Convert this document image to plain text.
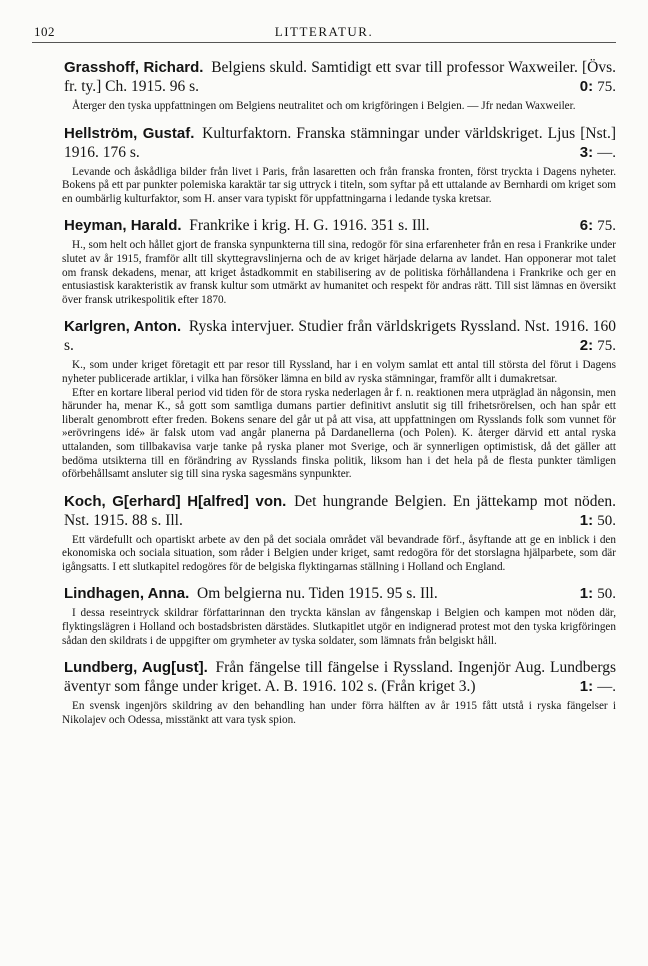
102	LITTERATUR.

Grasshoff, Richard.  Belgiens skuld. Samtidigt ett svar till professor Waxweiler. [Övs. fr. ty.] Ch. 1915. 96 s.	0: 75.

Återger den tyska uppfattningen om Belgiens neutralitet och om krigföringen i Belgien. — Jfr nedan Waxweiler.

Hellström, Gustaf.  Kulturfaktorn. Franska stämningar under världskriget. Ljus [Nst.] 1916. 176 s.	3: —.

Levande och åskådliga bilder från livet i Paris, från lasaretten och från franska fronten, först tryckta i Dagens nyheter. Bokens på ett par punkter polemiska karaktär tar sig uttryck i titeln, som syftar på ett uttalande av Bernhardi om kriget som en oumbärlig kulturfaktor, som H. anser vara typiskt för uppfattningarna i ledande tyska kretsar.

Heyman, Harald.  Frankrike i krig. H. G. 1916. 351 s. Ill.	6: 75.

H., som helt och hållet gjort de franska synpunkterna till sina, redogör för sina erfarenheter från en resa i Frankrike under slutet av år 1915, framför allt till skyttegravslinjerna och de av kriget härjade delarna av landet. Han opponerar mot talet om fransk dekadens, menar, att kriget åstadkommit en stabilisering av de politiska förhållandena i Frankrike och ger en entusiastisk karakteristik av fransk kultur som utmärkt av humanitet och respekt för andras rätt. Till sist lämnas en översikt över fransk utrikespolitik efter 1870.

Karlgren, Anton.  Ryska intervjuer. Studier från världskrigets Ryssland. Nst. 1916. 160 s.	2: 75.

K., som under kriget företagit ett par resor till Ryssland, har i en volym samlat ett antal till största del förut i Dagens nyheter publicerade artiklar, i vilka han försöker lämna en bild av ryska stämningar, framför allt i dumakretsar.

Efter en kortare liberal period vid tiden för de stora ryska nederlagen år f. n. reaktionen mera utpräglad än någonsin, men härunder ha, menar K., så gott som samtliga dumans partier definitivt anslutit sig till frihetsrörelsen, och han spår ett liberalt genombrott efter freden. Bokens senare del går ut på att visa, att uppfattningen om Rysslands folk som vunnet för »erövringens idé» är falsk utom vad angår planerna på Dardanellerna (och Polen). K. återger därvid ett antal ryska uttalanden, som tillbakavisa varje tanke på ryska planer mot Sverige, och är synnerligen optimistisk, då det gäller att bedöma utsikterna till en förändring av Rysslands finska politik, liksom han i det hela på de flesta punkter tämligen oförbehållsamt ansluter sig till sina ryska sagesmäns synpunkter.

Koch, G[erhard] H[alfred] von.  Det hungrande Belgien. En jättekamp mot nöden. Nst. 1915. 88 s. Ill.	1: 50.

Ett värdefullt och opartiskt arbete av den på det sociala området väl bevandrade förf., åsyftande att ge en inblick i den ekonomiska och sociala situation, som råder i Belgien under kriget, samt redogöra för det storslagna hjälparbete, som där igångsatts. I ett slutkapitel redogöres för de belgiska flyktingarnas ställning i Holland och England.

Lindhagen, Anna.  Om belgierna nu. Tiden 1915. 95 s. Ill.	1: 50.

I dessa reseintryck skildrar författarinnan den tryckta känslan av fångenskap i Belgien och kampen mot nöden där, flyktingslägren i Holland och bostadsbristen därstädes. Slutkapitlet utgör en indignerad protest mot den tyska krigföringen sådan den skildrats i de uppgifter om grymheter av tyska soldater, som lämnats från belgiskt håll.

Lundberg, Aug[ust].  Från fängelse till fängelse i Ryssland. Ingenjör Aug. Lundbergs äventyr som fånge under kriget. A. B. 1916. 102 s. (Från kriget 3.)	1: —.

En svensk ingenjörs skildring av den behandling han under förra hälften av år 1915 fått utstå i ryska fängelser i Nikolajev och Odessa, misstänkt att vara tysk spion.
